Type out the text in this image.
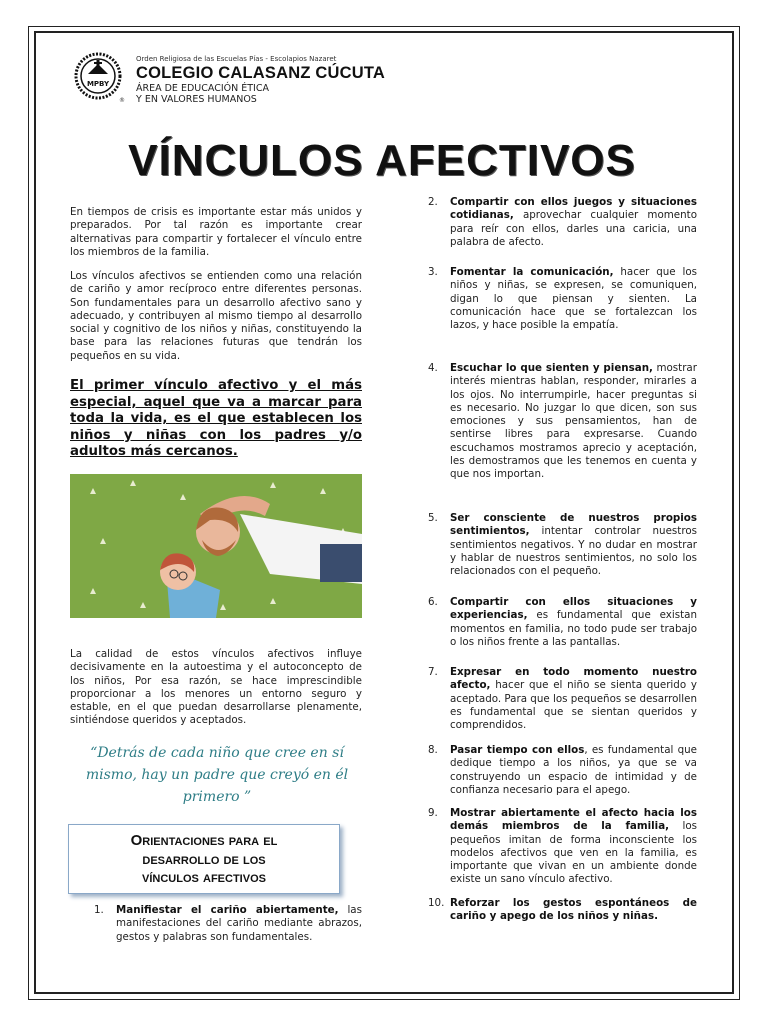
MPBY
®
Orden Religiosa de las Escuelas Pías - Escolapios Nazaret
COLEGIO CALASANZ CÚCUTA
ÁREA DE EDUCACIÓN ÉTICA
Y EN VALORES HUMANOS
VÍNCULOS AFECTIVOS
En tiempos de crisis es importante estar más unidos y preparados. Por tal razón es importante crear alternativas para compartir y fortalecer el vínculo entre los miembros de la familia.
Los vínculos afectivos se entienden como una relación de cariño y amor recíproco entre diferentes personas. Son fundamentales para un desarrollo afectivo sano y adecuado, y contribuyen al mismo tiempo al desarrollo social y cognitivo de los niños y niñas, constituyendo la base para las relaciones futuras que tendrán los pequeños en su vida.
El primer vínculo afectivo y el más especial, aquel que va a marcar para toda la vida, es el que establecen los niños y niñas con los padres y/o adultos más cercanos.
La calidad de estos vínculos afectivos influye decisivamente en la autoestima y el autoconcepto de los niños, Por esa razón, se hace imprescindible proporcionar a los menores un entorno seguro y estable, en el que puedan desarrollarse plenamente, sintiéndose queridos y aceptados.
“Detrás de cada niño que cree en sí mismo, hay un padre que creyó en él primero ”
Orientaciones para el
desarrollo de los
vínculos afectivos
1.	Manifiestar el cariño abiertamente, las manifestaciones del cariño mediante abrazos, gestos y palabras son fundamentales.
2.	Compartir con ellos juegos y situaciones cotidianas, aprovechar cualquier momento para reír con ellos, darles una caricia, una palabra de afecto.
3.	Fomentar la comunicación, hacer que los niños y niñas, se expresen, se comuniquen, digan lo que piensan y sienten. La comunicación hace que se fortalezcan los lazos, y hace posible la empatía.
4.	Escuchar lo que sienten y piensan, mostrar interés mientras hablan, responder, mirarles a los ojos. No interrumpirle, hacer preguntas si es necesario. No juzgar lo que dicen, son sus emociones y sus pensamientos, han de sentirse libres para expresarse. Cuando escuchamos mostramos aprecio y aceptación, les demostramos que les tenemos en cuenta y que nos importan.
5.	Ser consciente de nuestros propios sentimientos, intentar controlar nuestros sentimientos negativos. Y no dudar en mostrar y hablar de nuestros sentimientos, no solo los relacionados con el pequeño.
6.	Compartir con ellos situaciones y experiencias, es fundamental que existan momentos en familia, no todo pude ser trabajo o los niños frente a las pantallas.
7.	Expresar en todo momento nuestro afecto, hacer que el niño se sienta querido y aceptado. Para que los pequeños se desarrollen es fundamental que se sientan queridos y comprendidos.
8.	Pasar tiempo con ellos, es fundamental que dedique tiempo a los niños, ya que se va construyendo un espacio de intimidad y de confianza necesario para el apego.
9.	Mostrar abiertamente el afecto hacia los demás miembros de la familia, los pequeños imitan de forma inconsciente los modelos afectivos que ven en la familia, es importante que vivan en un ambiente donde existe un sano vínculo afectivo.
10. Reforzar los gestos espontáneos de cariño y apego de los niños y niñas.
